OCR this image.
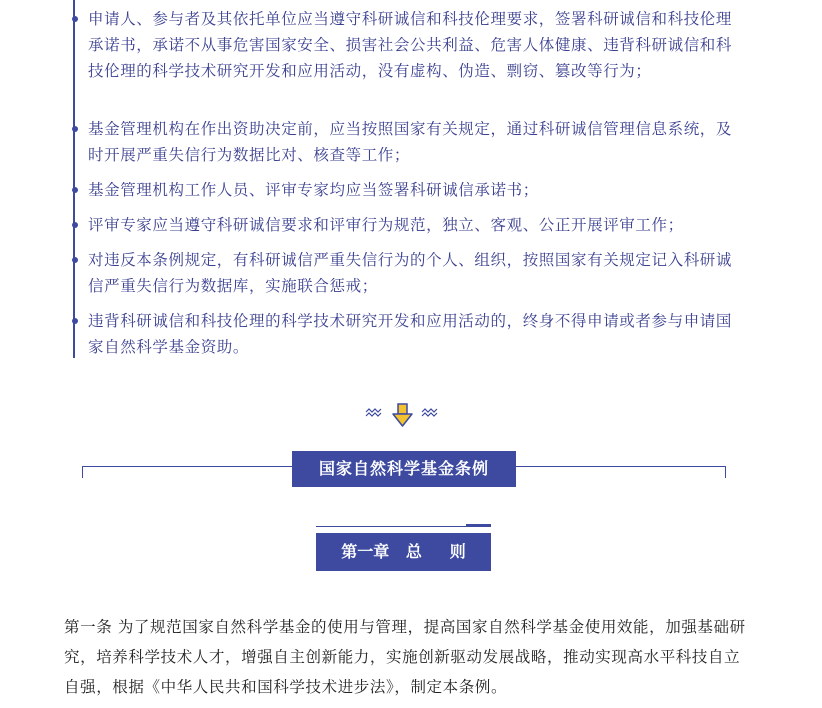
申请人、参与者及其依托单位应当遵守科研诚信和科技伦理要求，签署科研诚信和科技伦理承诺书，承诺不从事危害国家安全、损害社会公共利益、危害人体健康、违背科研诚信和科技伦理的科学技术研究开发和应用活动，没有虚构、伪造、剽窃、篡改等行为；
基金管理机构在作出资助决定前，应当按照国家有关规定，通过科研诚信管理信息系统，及时开展严重失信行为数据比对、核查等工作；
基金管理机构工作人员、评审专家均应当签署科研诚信承诺书；
评审专家应当遵守科研诚信要求和评审行为规范，独立、客观、公正开展评审工作；
对违反本条例规定，有科研诚信严重失信行为的个人、组织，按照国家有关规定记入科研诚信严重失信行为数据库，实施联合惩戒；
违背科研诚信和科技伦理的科学技术研究开发和应用活动的，终身不得申请或者参与申请国家自然科学基金资助。
国家自然科学基金条例
第一章   总     则
第一条 为了规范国家自然科学基金的使用与管理，提高国家自然科学基金使用效能，加强基础研究，培养科学技术人才，增强自主创新能力，实施创新驱动发展战略，推动实现高水平科技自立自强，根据《中华人民共和国科学技术进步法》，制定本条例。
